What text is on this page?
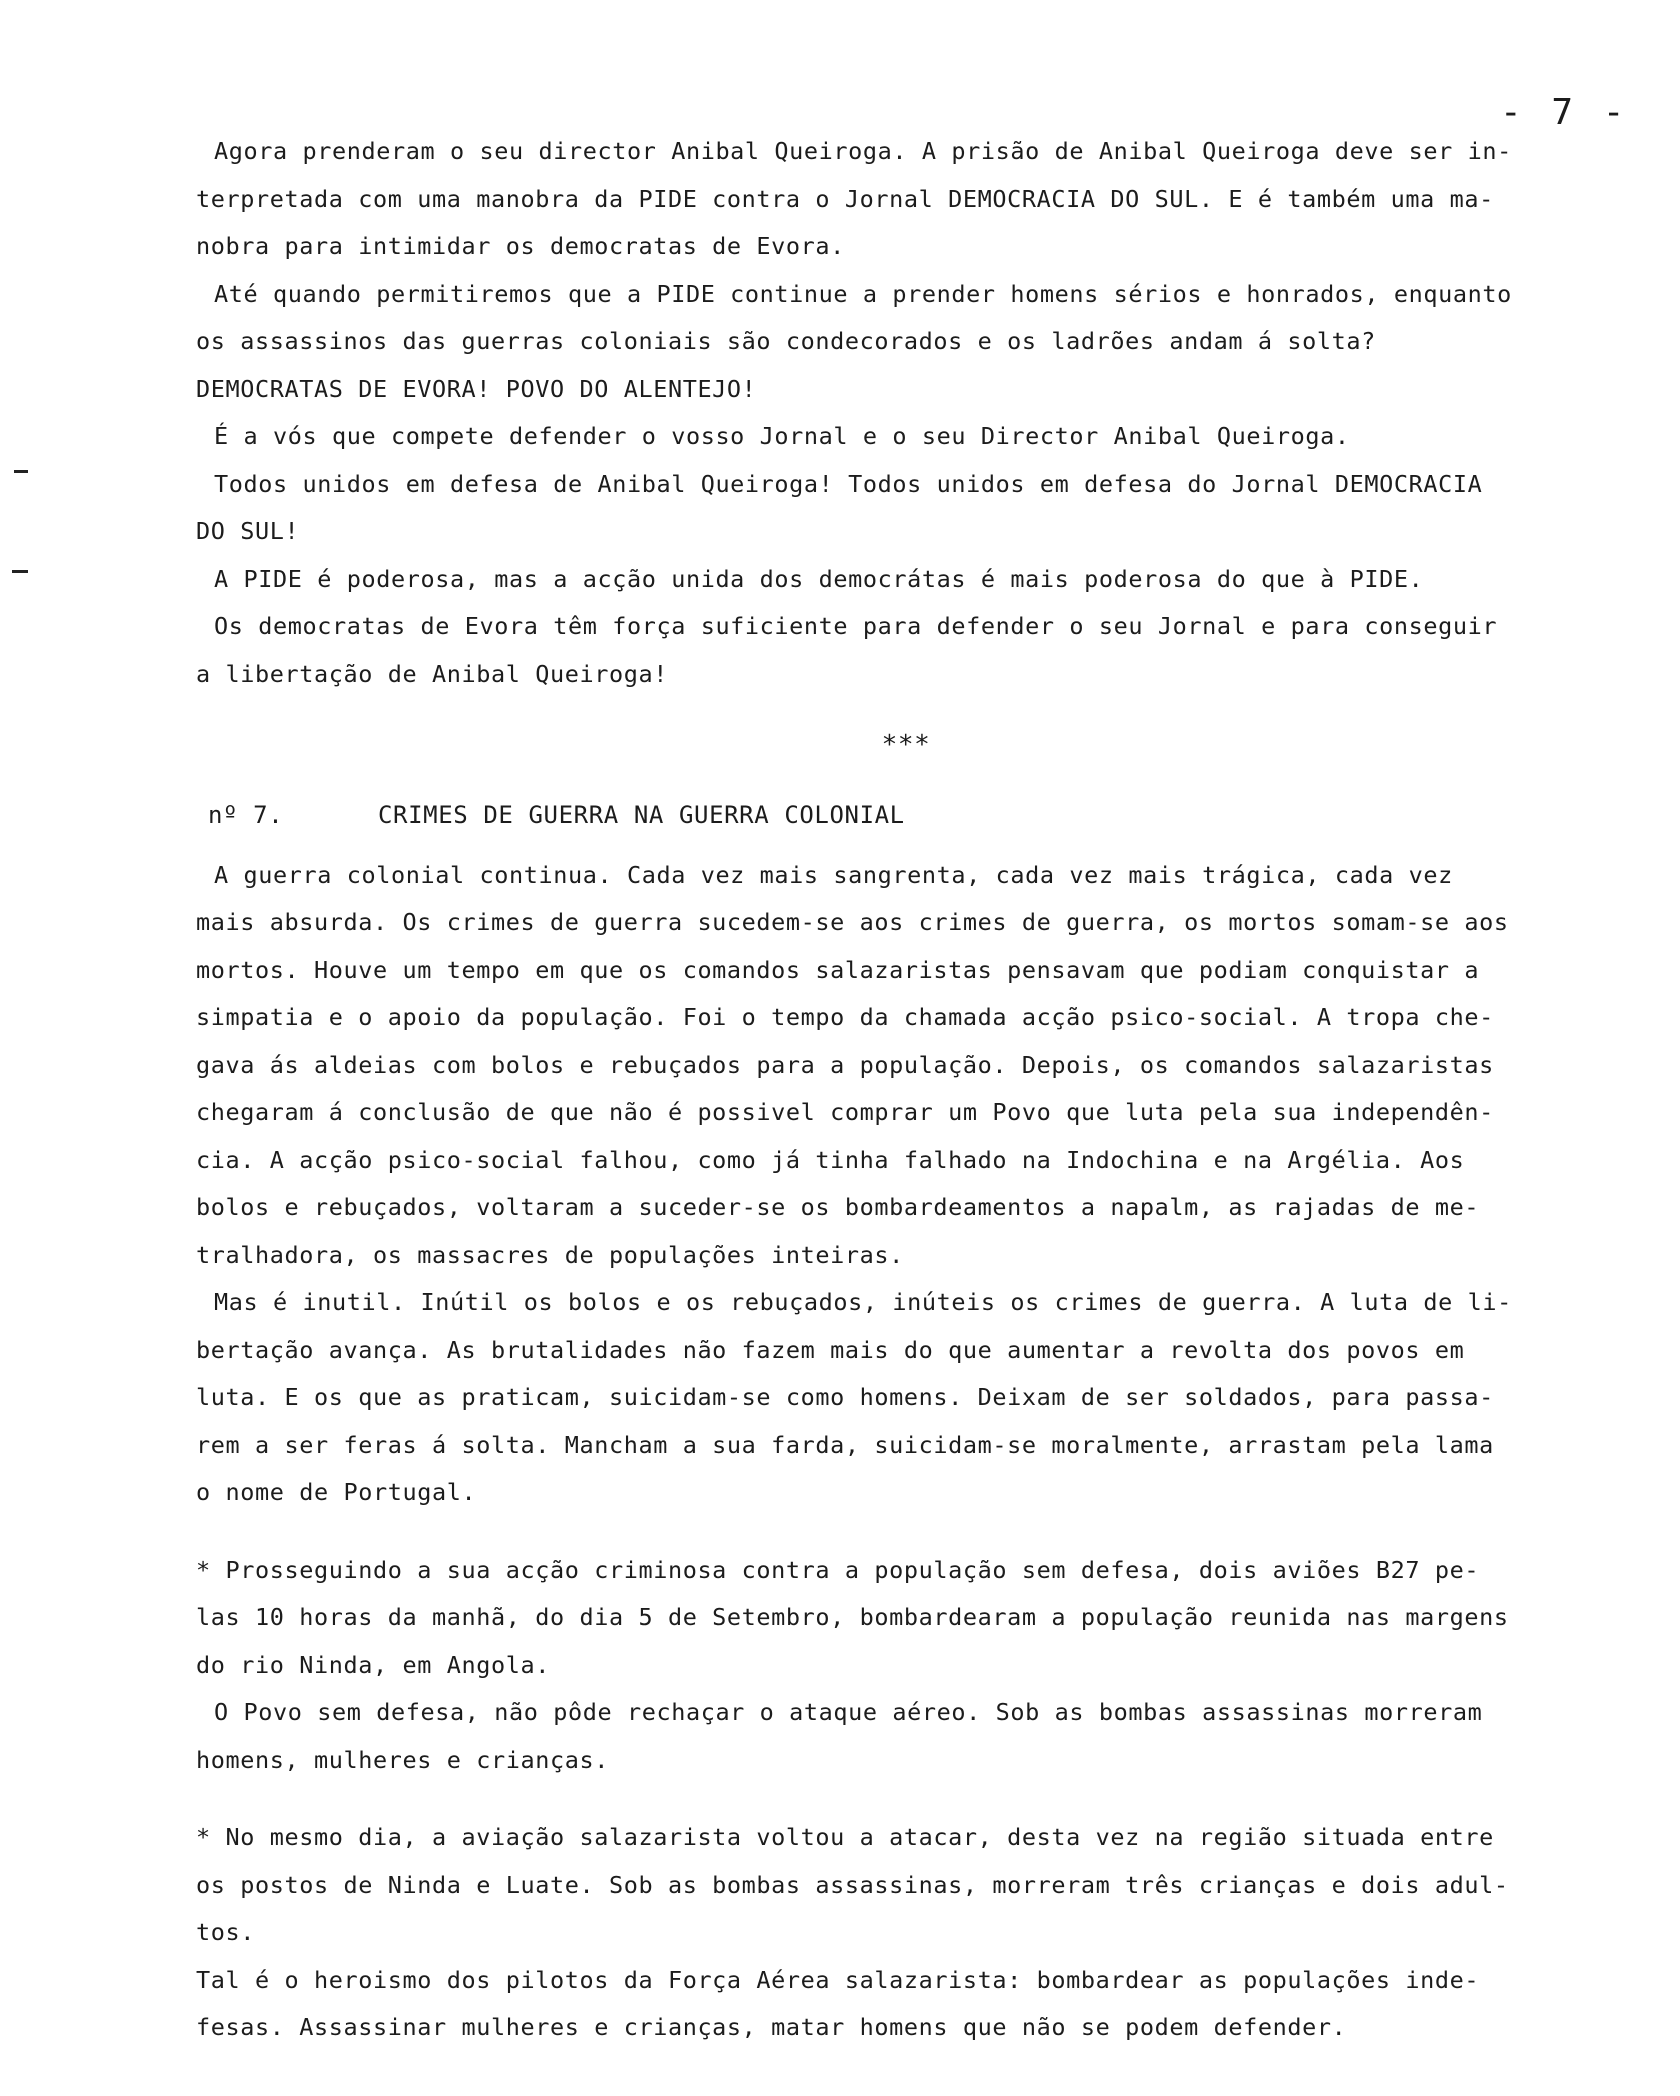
- 7 -

Agora prenderam o seu director Anibal Queiroga. A prisão de Anibal Queiroga deve ser in-
terpretada com uma manobra da PIDE contra o Jornal DEMOCRACIA DO SUL. E é também uma ma-
nobra para intimidar os democratas de Evora.

Até quando permitiremos que a PIDE continue a prender homens sérios e honrados, enquanto
os assassinos das guerras coloniais são condecorados e os ladrões andam á solta?

DEMOCRATAS DE EVORA! POVO DO ALENTEJO!

É a vós que compete defender o vosso Jornal e o seu Director Anibal Queiroga.

Todos unidos em defesa de Anibal Queiroga! Todos unidos em defesa do Jornal DEMOCRACIA
DO SUL!

A PIDE é poderosa, mas a acção unida dos democrátas é mais poderosa do que à PIDE.

Os democratas de Evora têm força suficiente para defender o seu Jornal e para conseguir
a libertação de Anibal Queiroga!

***
nº 7.	CRIMES DE GUERRA NA GUERRA COLONIAL

A guerra colonial continua. Cada vez mais sangrenta, cada vez mais trágica, cada vez
mais absurda. Os crimes de guerra sucedem-se aos crimes de guerra, os mortos somam-se aos
mortos. Houve um tempo em que os comandos salazaristas pensavam que podiam conquistar a
simpatia e o apoio da população. Foi o tempo da chamada acção psico-social. A tropa che-
gava ás aldeias com bolos e rebuçados para a população. Depois, os comandos salazaristas
chegaram á conclusão de que não é possivel comprar um Povo que luta pela sua independên-
cia. A acção psico-social falhou, como já tinha falhado na Indochina e na Argélia. Aos
bolos e rebuçados, voltaram a suceder-se os bombardeamentos a napalm, as rajadas de me-
tralhadora, os massacres de populações inteiras.

Mas é inutil. Inútil os bolos e os rebuçados, inúteis os crimes de guerra. A luta de li-
bertação avança. As brutalidades não fazem mais do que aumentar a revolta dos povos em
luta. E os que as praticam, suicidam-se como homens. Deixam de ser soldados, para passa-
rem a ser feras á solta. Mancham a sua farda, suicidam-se moralmente, arrastam pela lama
o nome de Portugal.

* Prosseguindo a sua acção criminosa contra a população sem defesa, dois aviões B27 pe-
las 10 horas da manhã, do dia 5 de Setembro, bombardearam a população reunida nas margens
do rio Ninda, em Angola.

O Povo sem defesa, não pôde rechaçar o ataque aéreo. Sob as bombas assassinas morreram
homens, mulheres e crianças.

* No mesmo dia, a aviação salazarista voltou a atacar, desta vez na região situada entre
os postos de Ninda e Luate. Sob as bombas assassinas, morreram três crianças e dois adul-
tos.

Tal é o heroismo dos pilotos da Força Aérea salazarista: bombardear as populações inde-
fesas. Assassinar mulheres e crianças, matar homens que não se podem defender.
